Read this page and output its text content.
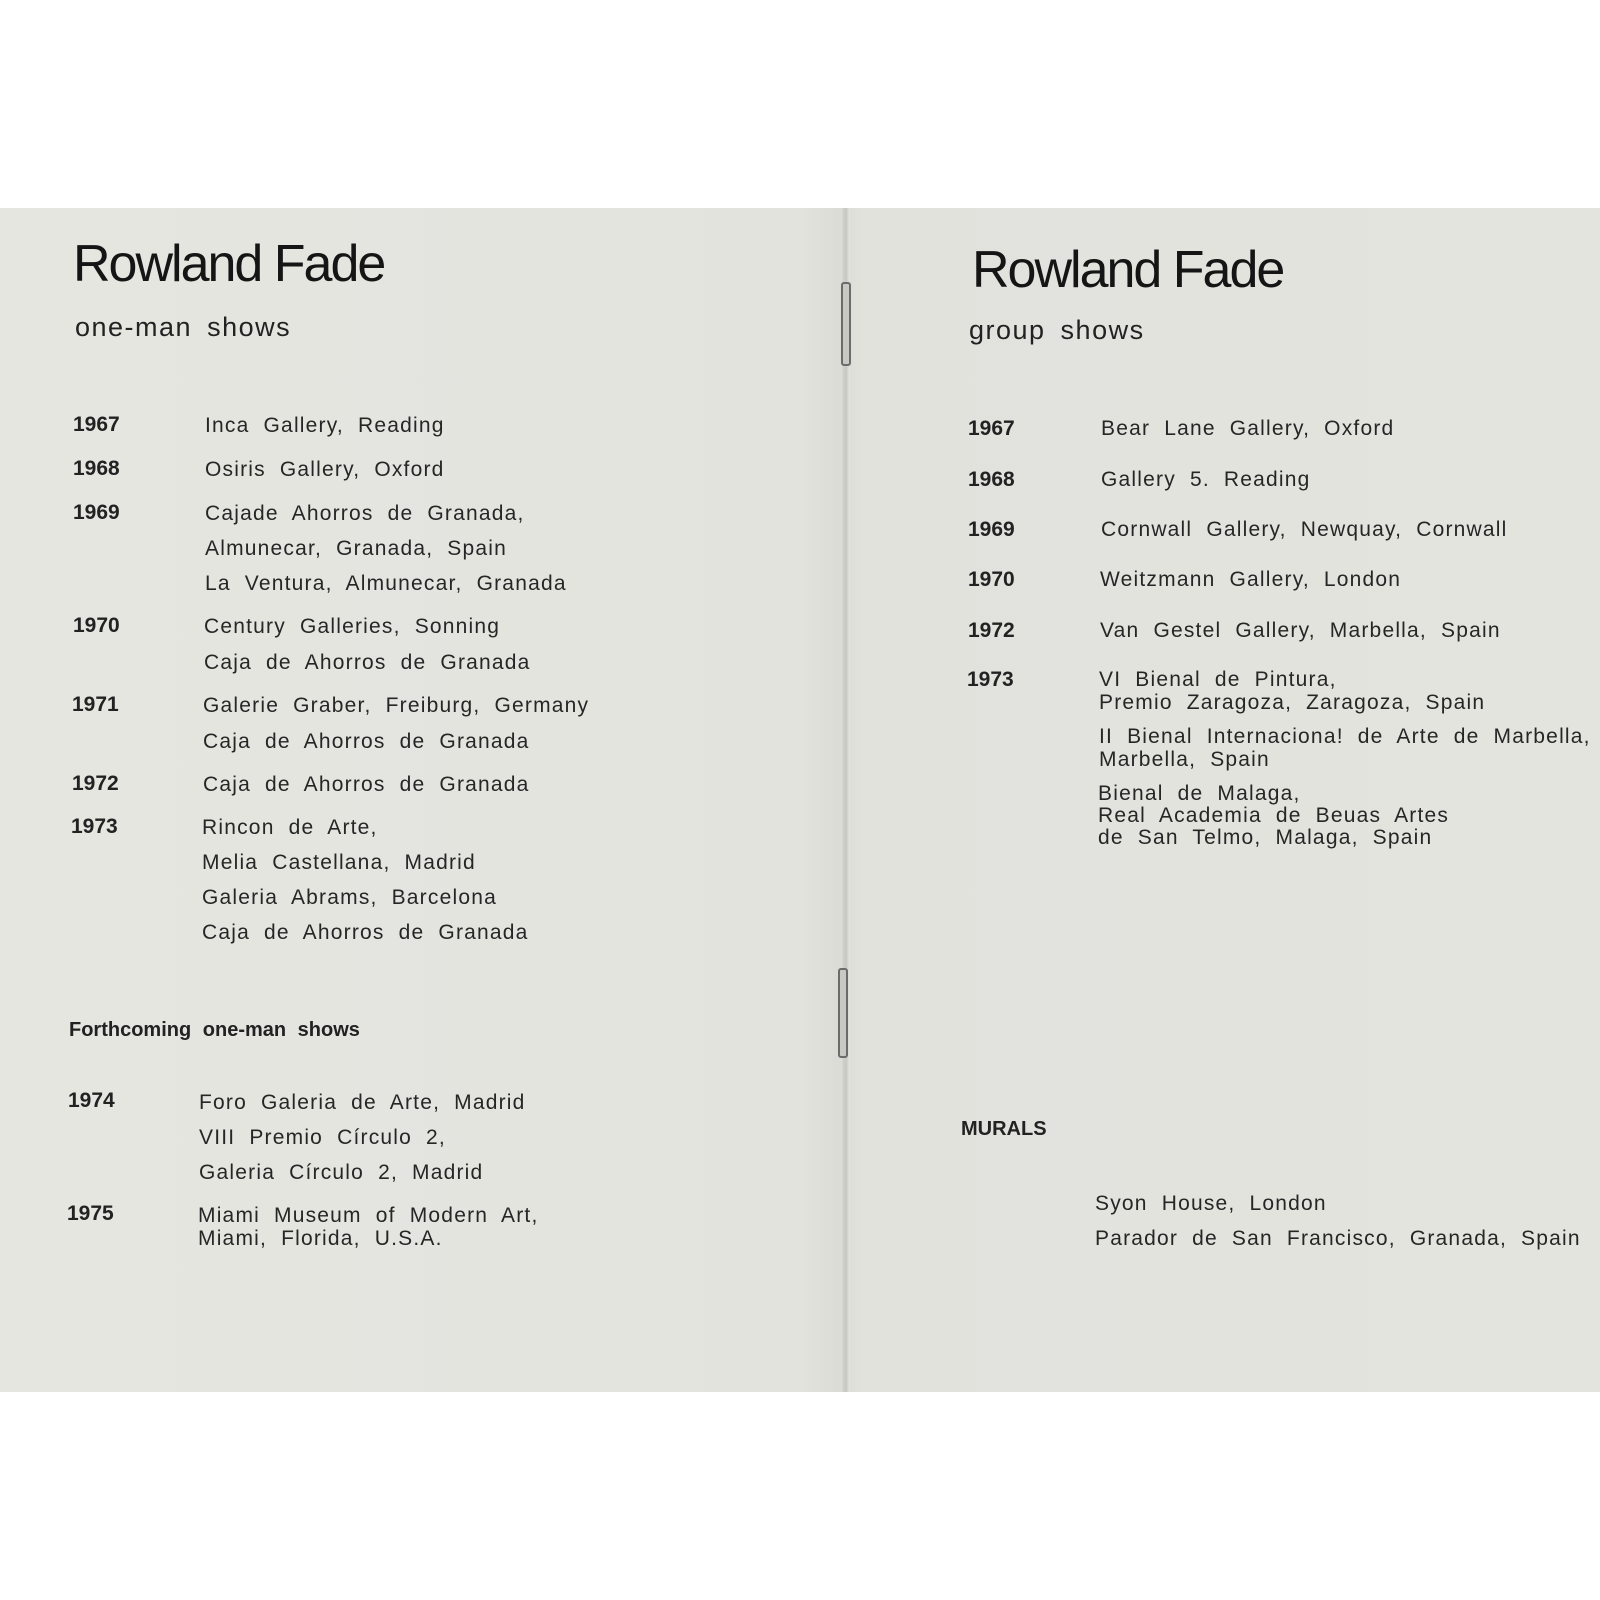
Rowland Fade
one-man shows
1967	Inca Gallery, Reading
1968	Osiris Gallery, Oxford
1969	Cajade Ahorros de Granada,
Almunecar, Granada, Spain
La Ventura, Almunecar, Granada
1970	Century Galleries, Sonning
Caja de Ahorros de Granada
1971	Galerie Graber, Freiburg, Germany
Caja de Ahorros de Granada
1972	Caja de Ahorros de Granada
1973	Rincon de Arte,
Melia Castellana, Madrid
Galeria Abrams, Barcelona
Caja de Ahorros de Granada
Forthcoming one-man shows
1974	Foro Galeria de Arte, Madrid
VIII Premio Círculo 2,
Galeria Círculo 2, Madrid
1975	Miami Museum of Modern Art,
Miami, Florida, U.S.A.
Rowland Fade
group shows
1967	Bear Lane Gallery, Oxford
1968	Gallery 5. Reading
1969	Cornwall Gallery, Newquay, Cornwall
1970	Weitzmann Gallery, London
1972	Van Gestel Gallery, Marbella, Spain
1973	VI Bienal de Pintura,
Premio Zaragoza, Zaragoza, Spain
II Bienal Internaciona! de Arte de Marbella,
Marbella, Spain
Bienal de Malaga,
Real Academia de Beuas Artes
de San Telmo, Malaga, Spain
MURALS
Syon House, London
Parador de San Francisco, Granada, Spain
